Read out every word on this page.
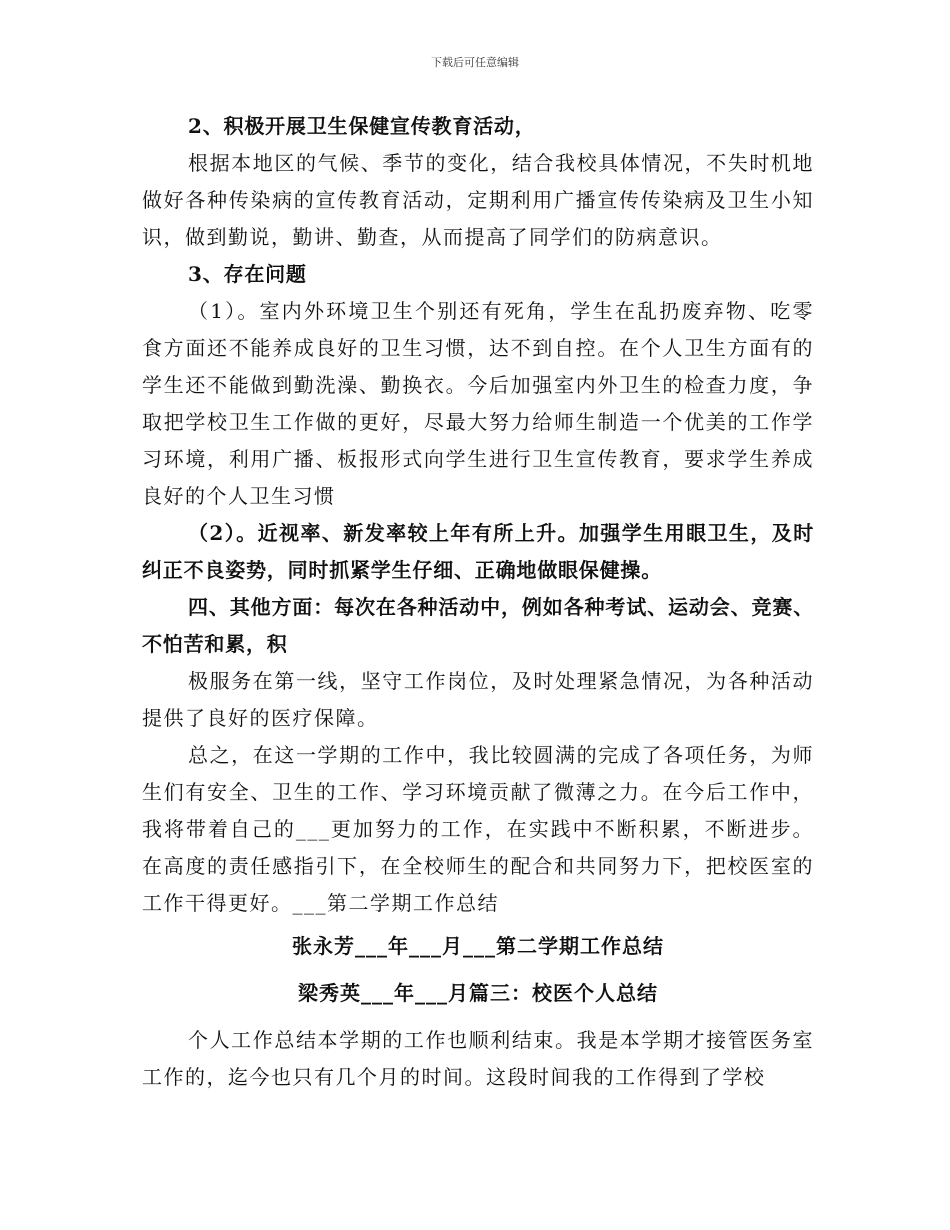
下载后可任意编辑

2、积极开展卫生保健宣传教育活动，

根据本地区的气候、季节的变化，结合我校具体情况，不失时机地做好各种传染病的宣传教育活动，定期利用广播宣传传染病及卫生小知识，做到勤说，勤讲、勤查，从而提高了同学们的防病意识。

3、存在问题

（1）。室内外环境卫生个别还有死角，学生在乱扔废弃物、吃零食方面还不能养成良好的卫生习惯，达不到自控。在个人卫生方面有的学生还不能做到勤洗澡、勤换衣。今后加强室内外卫生的检查力度，争取把学校卫生工作做的更好，尽最大努力给师生制造一个优美的工作学习环境，利用广播、板报形式向学生进行卫生宣传教育，要求学生养成良好的个人卫生习惯

（2）。近视率、新发率较上年有所上升。加强学生用眼卫生，及时纠正不良姿势，同时抓紧学生仔细、正确地做眼保健操。

四、其他方面：每次在各种活动中，例如各种考试、运动会、竞赛、不怕苦和累，积

极服务在第一线，坚守工作岗位，及时处理紧急情况，为各种活动提供了良好的医疗保障。

总之，在这一学期的工作中，我比较圆满的完成了各项任务，为师生们有安全、卫生的工作、学习环境贡献了微薄之力。在今后工作中，我将带着自己的___更加努力的工作，在实践中不断积累，不断进步。在高度的责任感指引下，在全校师生的配合和共同努力下，把校医室的工作干得更好。___第二学期工作总结

张永芳___年___月___第二学期工作总结

梁秀英___年___月篇三：校医个人总结

个人工作总结本学期的工作也顺利结束。我是本学期才接管医务室工作的，迄今也只有几个月的时间。这段时间我的工作得到了学校
